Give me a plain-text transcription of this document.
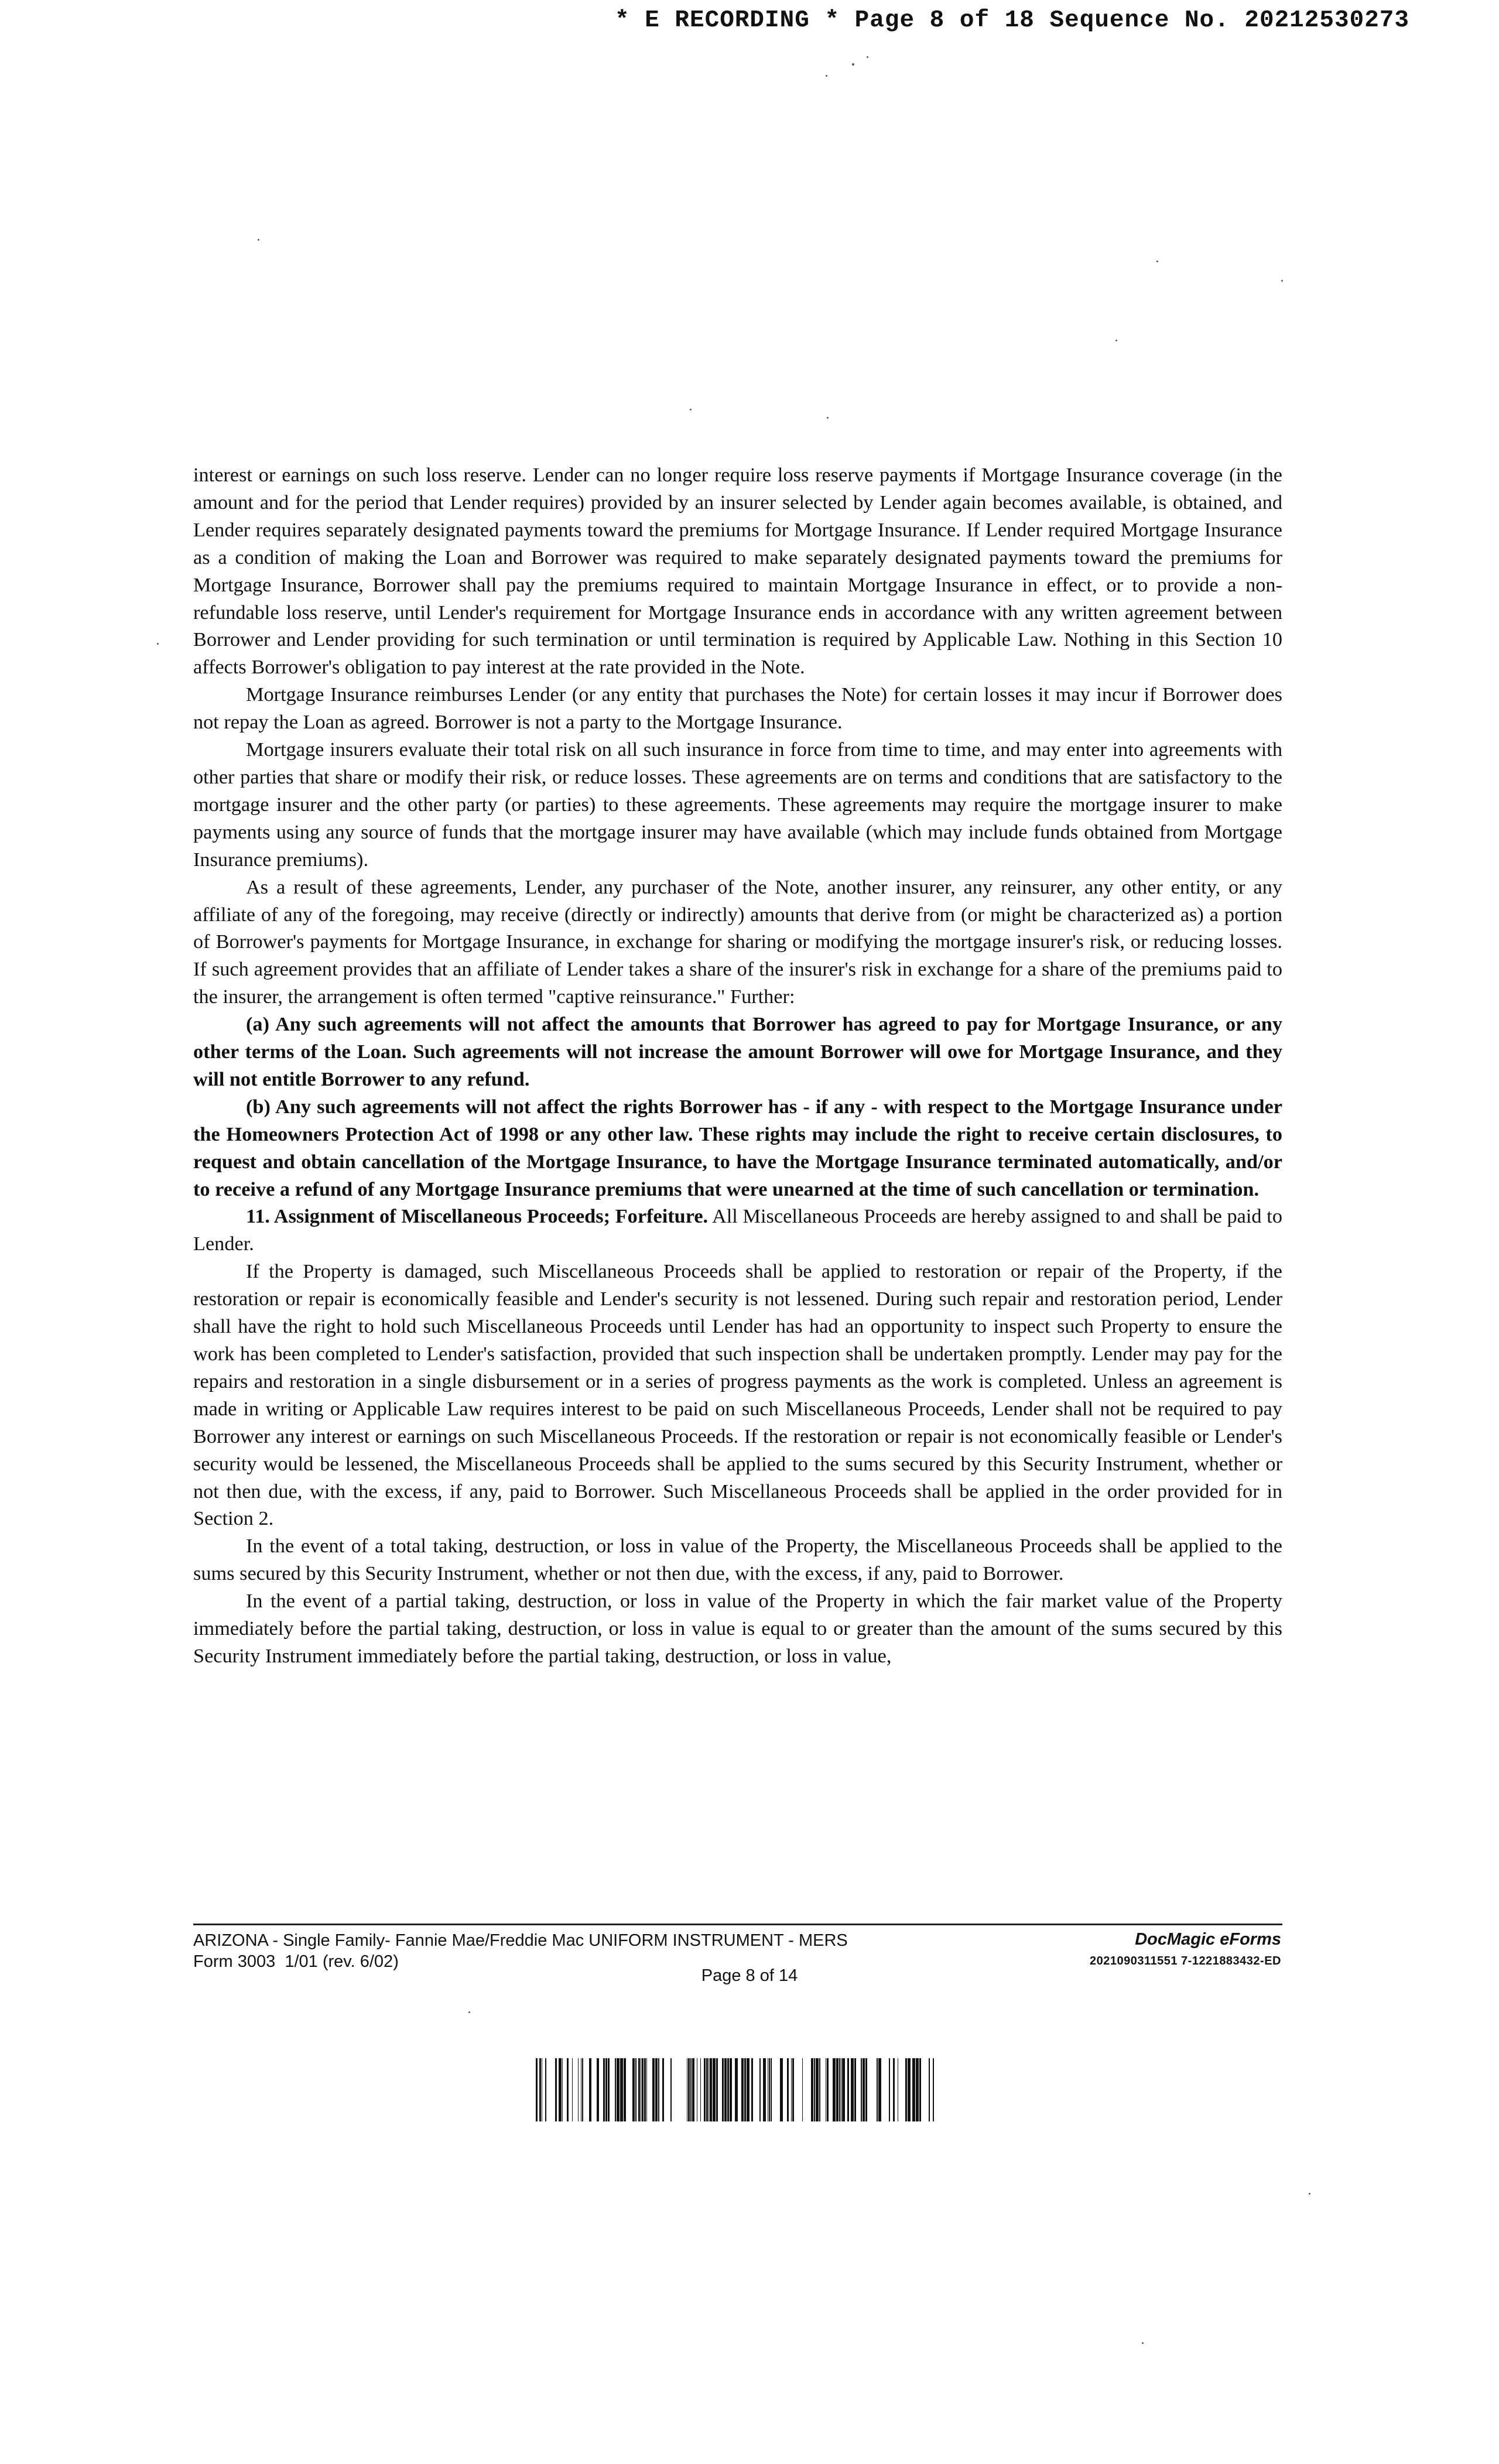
* E RECORDING * Page 8 of 18 Sequence No. 20212530273

interest or earnings on such loss reserve. Lender can no longer require loss reserve payments if Mortgage Insurance coverage (in the amount and for the period that Lender requires) provided by an insurer selected by Lender again becomes available, is obtained, and Lender requires separately designated payments toward the premiums for Mortgage Insurance. If Lender required Mortgage Insurance as a condition of making the Loan and Borrower was required to make separately designated payments toward the premiums for Mortgage Insurance, Borrower shall pay the premiums required to maintain Mortgage Insurance in effect, or to provide a non-refundable loss reserve, until Lender's requirement for Mortgage Insurance ends in accordance with any written agreement between Borrower and Lender providing for such termination or until termination is required by Applicable Law. Nothing in this Section 10 affects Borrower's obligation to pay interest at the rate provided in the Note.

Mortgage Insurance reimburses Lender (or any entity that purchases the Note) for certain losses it may incur if Borrower does not repay the Loan as agreed. Borrower is not a party to the Mortgage Insurance.

Mortgage insurers evaluate their total risk on all such insurance in force from time to time, and may enter into agreements with other parties that share or modify their risk, or reduce losses. These agreements are on terms and conditions that are satisfactory to the mortgage insurer and the other party (or parties) to these agreements. These agreements may require the mortgage insurer to make payments using any source of funds that the mortgage insurer may have available (which may include funds obtained from Mortgage Insurance premiums).

As a result of these agreements, Lender, any purchaser of the Note, another insurer, any reinsurer, any other entity, or any affiliate of any of the foregoing, may receive (directly or indirectly) amounts that derive from (or might be characterized as) a portion of Borrower's payments for Mortgage Insurance, in exchange for sharing or modifying the mortgage insurer's risk, or reducing losses. If such agreement provides that an affiliate of Lender takes a share of the insurer's risk in exchange for a share of the premiums paid to the insurer, the arrangement is often termed "captive reinsurance." Further:

(a) Any such agreements will not affect the amounts that Borrower has agreed to pay for Mortgage Insurance, or any other terms of the Loan. Such agreements will not increase the amount Borrower will owe for Mortgage Insurance, and they will not entitle Borrower to any refund.

(b) Any such agreements will not affect the rights Borrower has - if any - with respect to the Mortgage Insurance under the Homeowners Protection Act of 1998 or any other law. These rights may include the right to receive certain disclosures, to request and obtain cancellation of the Mortgage Insurance, to have the Mortgage Insurance terminated automatically, and/or to receive a refund of any Mortgage Insurance premiums that were unearned at the time of such cancellation or termination.

11. Assignment of Miscellaneous Proceeds; Forfeiture. All Miscellaneous Proceeds are hereby assigned to and shall be paid to Lender.

If the Property is damaged, such Miscellaneous Proceeds shall be applied to restoration or repair of the Property, if the restoration or repair is economically feasible and Lender's security is not lessened. During such repair and restoration period, Lender shall have the right to hold such Miscellaneous Proceeds until Lender has had an opportunity to inspect such Property to ensure the work has been completed to Lender's satisfaction, provided that such inspection shall be undertaken promptly. Lender may pay for the repairs and restoration in a single disbursement or in a series of progress payments as the work is completed. Unless an agreement is made in writing or Applicable Law requires interest to be paid on such Miscellaneous Proceeds, Lender shall not be required to pay Borrower any interest or earnings on such Miscellaneous Proceeds. If the restoration or repair is not economically feasible or Lender's security would be lessened, the Miscellaneous Proceeds shall be applied to the sums secured by this Security Instrument, whether or not then due, with the excess, if any, paid to Borrower. Such Miscellaneous Proceeds shall be applied in the order provided for in Section 2.

In the event of a total taking, destruction, or loss in value of the Property, the Miscellaneous Proceeds shall be applied to the sums secured by this Security Instrument, whether or not then due, with the excess, if any, paid to Borrower.

In the event of a partial taking, destruction, or loss in value of the Property in which the fair market value of the Property immediately before the partial taking, destruction, or loss in value is equal to or greater than the amount of the sums secured by this Security Instrument immediately before the partial taking, destruction, or loss in value,

ARIZONA - Single Family- Fannie Mae/Freddie Mac UNIFORM INSTRUMENT - MERS
Form 3003  1/01 (rev. 6/02)
DocMagic eForms
2021090311551 7-1221883432-ED
Page 8 of 14
